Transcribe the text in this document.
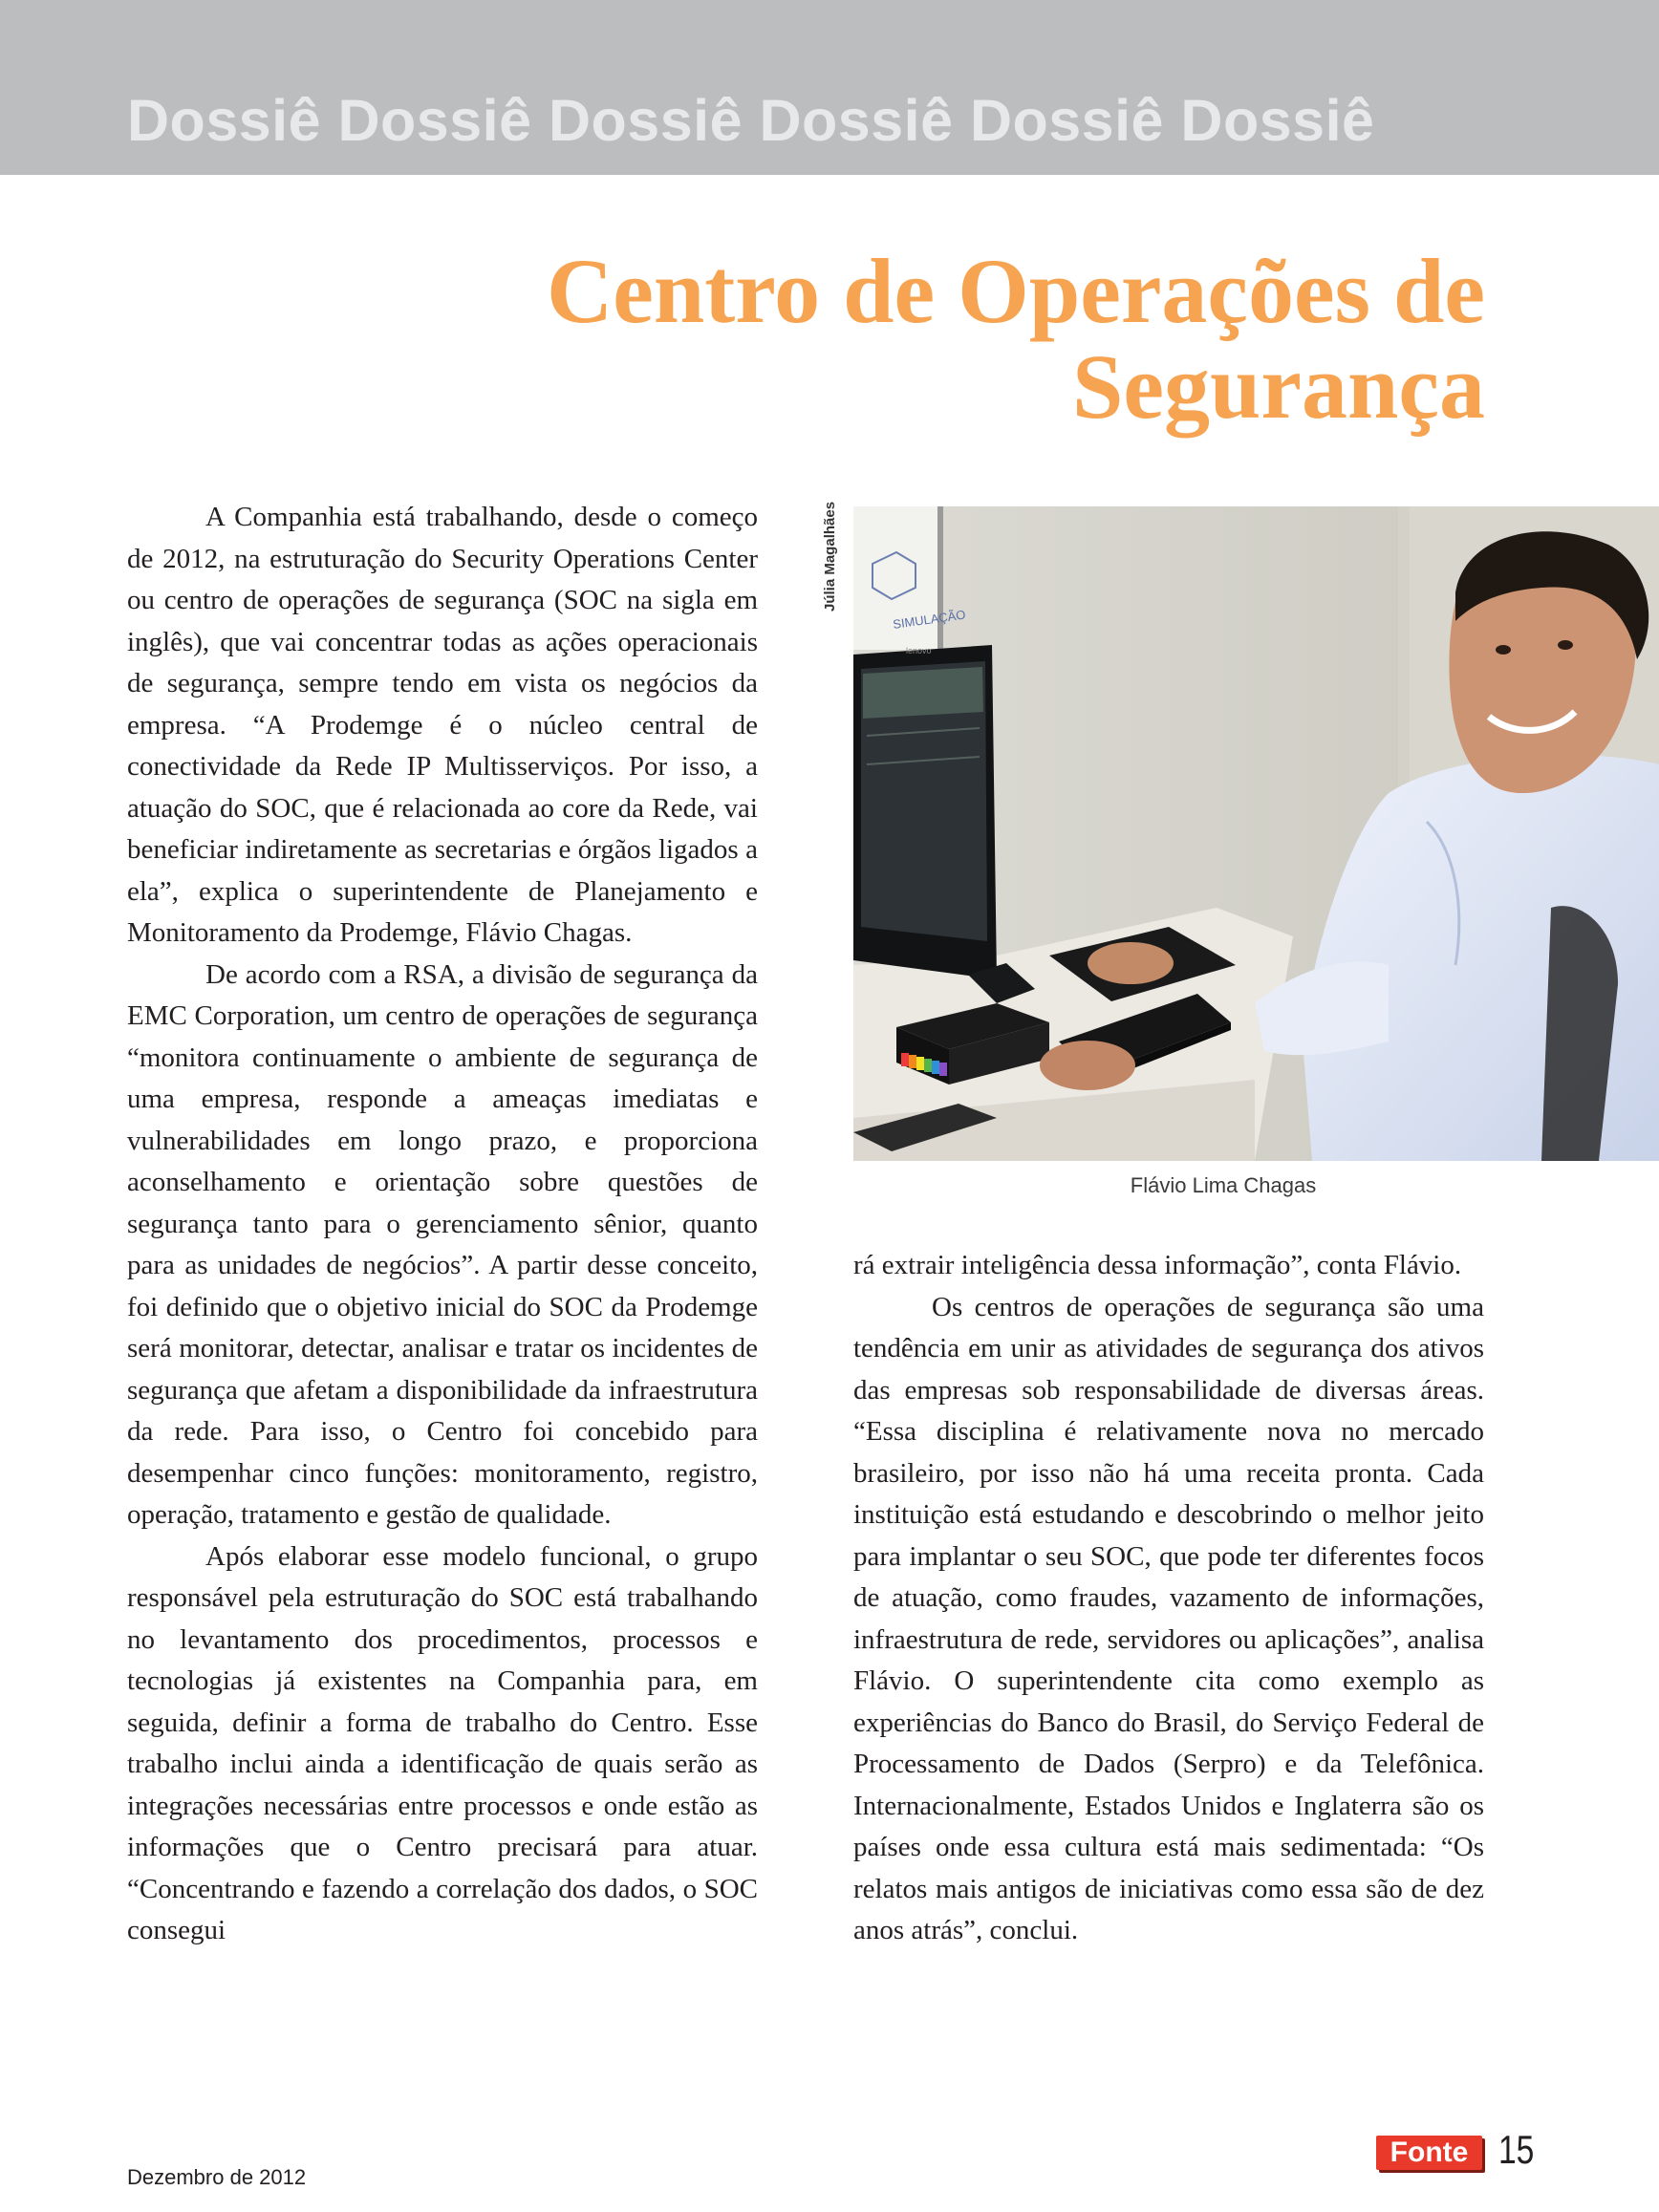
Dossiê Dossiê Dossiê Dossiê Dossiê Dossiê
Centro de Operações de Segurança

A Companhia está trabalhando, desde o começo de 2012, na estruturação do Security Operations Center ou centro de operações de segurança (SOC na sigla em inglês), que vai concentrar todas as ações operacionais de segurança, sempre tendo em vista os negócios da empresa. “A Prodemge é o núcleo central de conectividade da Rede IP Multisserviços. Por isso, a atuação do SOC, que é relacionada ao core da Rede, vai beneficiar indiretamente as secretarias e órgãos ligados a ela”, explica o superintendente de Planejamento e Monitoramento da Prodemge, Flávio Chagas.

De acordo com a RSA, a divisão de segurança da EMC Corporation, um centro de operações de segurança “monitora continuamente o ambiente de segurança de uma empresa, responde a ameaças imediatas e vulnerabilidades em longo prazo, e proporciona aconselhamento e orientação sobre questões de segurança tanto para o gerenciamento sênior, quanto para as unidades de negócios”. A partir desse conceito, foi definido que o objetivo inicial do SOC da Prodemge será monitorar, detectar, analisar e tratar os incidentes de segurança que afetam a disponibilidade da infraestrutura da rede. Para isso, o Centro foi concebido para desempenhar cinco funções: monitoramento, registro, operação, tratamento e gestão de qualidade.

Após elaborar esse modelo funcional, o grupo responsável pela estruturação do SOC está trabalhando no levantamento dos procedimentos, processos e tecnologias já existentes na Companhia para, em seguida, definir a forma de trabalho do Centro. Esse trabalho inclui ainda a identificação de quais serão as integrações necessárias entre processos e onde estão as informações que o Centro precisará para atuar. “Concentrando e fazendo a correlação dos dados, o SOC consegui

Júlia Magalhães
SIMULAÇÃO
lenovo
Flávio Lima Chagas

rá extrair inteligência dessa informação”, conta Flávio.

Os centros de operações de segurança são uma tendência em unir as atividades de segurança dos ativos das empresas sob responsabilidade de diversas áreas. “Essa disciplina é relativamente nova no mercado brasileiro, por isso não há uma receita pronta. Cada instituição está estudando e descobrindo o melhor jeito para implantar o seu SOC, que pode ter diferentes focos de atuação, como fraudes, vazamento de informações, infraestrutura de rede, servidores ou aplicações”, analisa Flávio. O superintendente cita como exemplo as experiências do Banco do Brasil, do Serviço Federal de Processamento de Dados (Serpro) e da Telefônica. Internacionalmente, Estados Unidos e Inglaterra são os países onde essa cultura está mais sedimentada: “Os relatos mais antigos de iniciativas como essa são de dez anos atrás”, conclui.

Dezembro de 2012
Fonte 15
